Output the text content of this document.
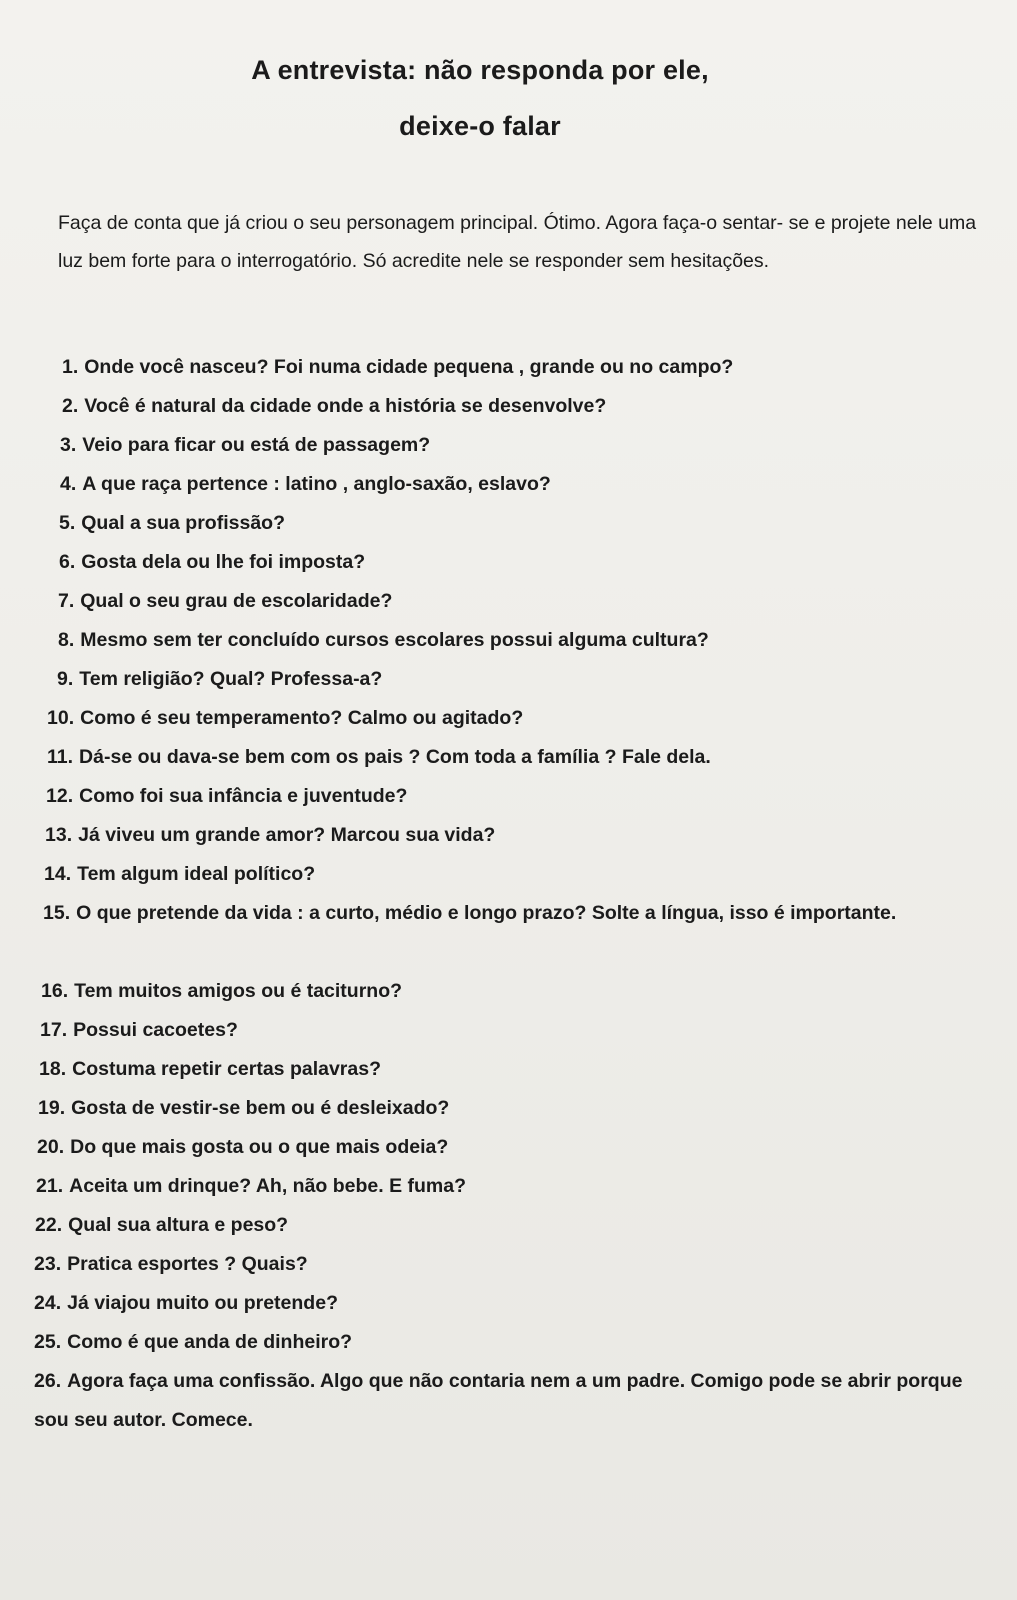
A entrevista: não responda por ele,
deixe-o falar

Faça de conta que já criou o seu personagem principal. Ótimo. Agora faça-o sentar- se e projete nele uma luz bem forte para o interrogatório. Só acredite nele se responder sem hesitações.

1. Onde você nasceu? Foi numa cidade pequena , grande ou no campo?
2. Você é natural da cidade onde a história se desenvolve?
3. Veio para ficar ou está de passagem?
4. A que raça pertence : latino , anglo-saxão, eslavo?
5. Qual a sua profissão?
6. Gosta dela ou lhe foi imposta?
7. Qual o seu grau de escolaridade?
8. Mesmo sem ter concluído cursos escolares possui alguma cultura?
9. Tem religião? Qual? Professa-a?
10. Como é seu temperamento? Calmo ou agitado?
11. Dá-se ou dava-se bem com os pais ? Com toda a família ? Fale dela.
12. Como foi sua infância e juventude?
13. Já viveu um grande amor? Marcou sua vida?
14. Tem algum ideal político?
15. O que pretende da vida : a curto, médio e longo prazo? Solte a língua, isso é importante.
16. Tem muitos amigos ou é taciturno?
17. Possui cacoetes?
18. Costuma repetir certas palavras?
19. Gosta de vestir-se bem ou é desleixado?
20. Do que mais gosta ou o que mais odeia?
21. Aceita um drinque? Ah, não bebe. E fuma?
22. Qual sua altura e peso?
23. Pratica esportes ? Quais?
24. Já viajou muito ou pretende?
25. Como é que anda de dinheiro?
26. Agora faça uma confissão. Algo que não contaria nem a um padre. Comigo pode se abrir porque sou seu autor. Comece.
